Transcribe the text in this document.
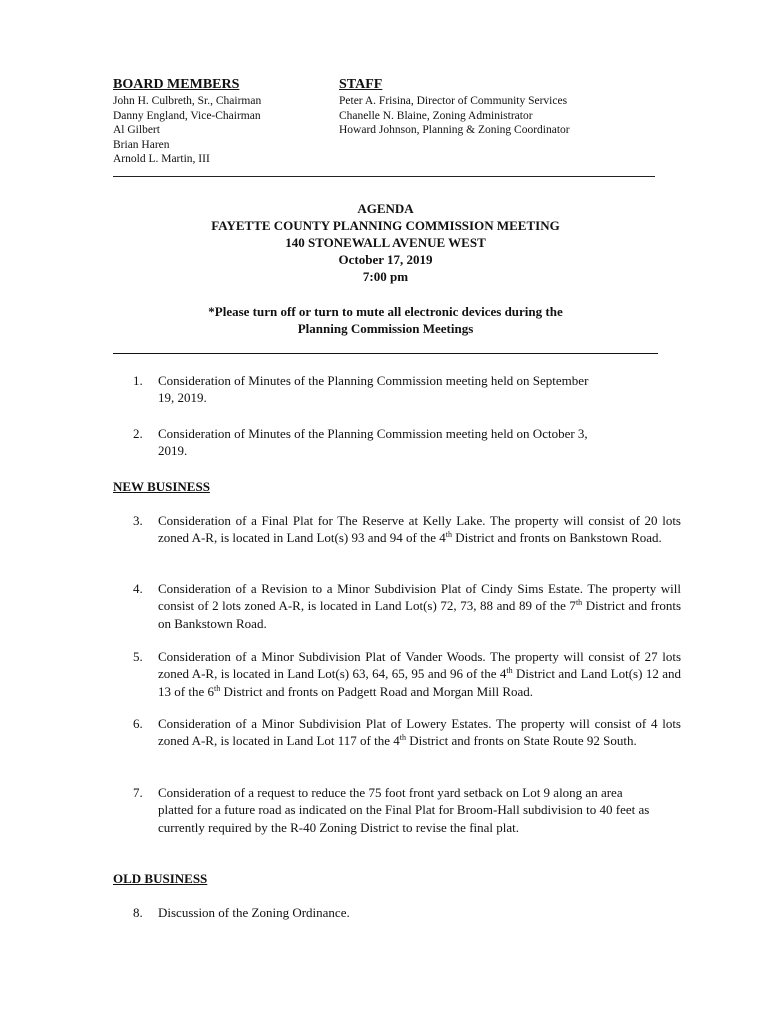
BOARD MEMBERS
John H. Culbreth, Sr., Chairman
Danny England, Vice-Chairman
Al Gilbert
Brian Haren
Arnold L. Martin, III
STAFF
Peter A. Frisina, Director of Community Services
Chanelle N. Blaine, Zoning Administrator
Howard Johnson, Planning & Zoning Coordinator
AGENDA
FAYETTE COUNTY PLANNING COMMISSION MEETING
140 STONEWALL AVENUE WEST
October 17, 2019
7:00 pm
*Please turn off or turn to mute all electronic devices during the
Planning Commission Meetings
1.	Consideration of Minutes of the Planning Commission meeting held on September 19, 2019.
2.	Consideration of Minutes of the Planning Commission meeting held on October 3, 2019.
NEW BUSINESS
3.	Consideration of a Final Plat for The Reserve at Kelly Lake. The property will consist of 20 lots zoned A-R, is located in Land Lot(s) 93 and 94 of the 4th District and fronts on Bankstown Road.
4.	Consideration of a Revision to a Minor Subdivision Plat of Cindy Sims Estate. The property will consist of 2 lots zoned A-R, is located in Land Lot(s) 72, 73, 88 and 89 of the 7th District and fronts on Bankstown Road.
5.	Consideration of a Minor Subdivision Plat of Vander Woods. The property will consist of 27 lots zoned A-R, is located in Land Lot(s) 63, 64, 65, 95 and 96 of the 4th District and Land Lot(s) 12 and 13 of the 6th District and fronts on Padgett Road and Morgan Mill Road.
6.	Consideration of a Minor Subdivision Plat of Lowery Estates. The property will consist of 4 lots zoned A-R, is located in Land Lot 117 of the 4th District and fronts on State Route 92 South.
7.	Consideration of a request to reduce the 75 foot front yard setback on Lot 9 along an area platted for a future road as indicated on the Final Plat for Broom-Hall subdivision to 40 feet as currently required by the R-40 Zoning District to revise the final plat.
OLD BUSINESS
8.	Discussion of the Zoning Ordinance.
